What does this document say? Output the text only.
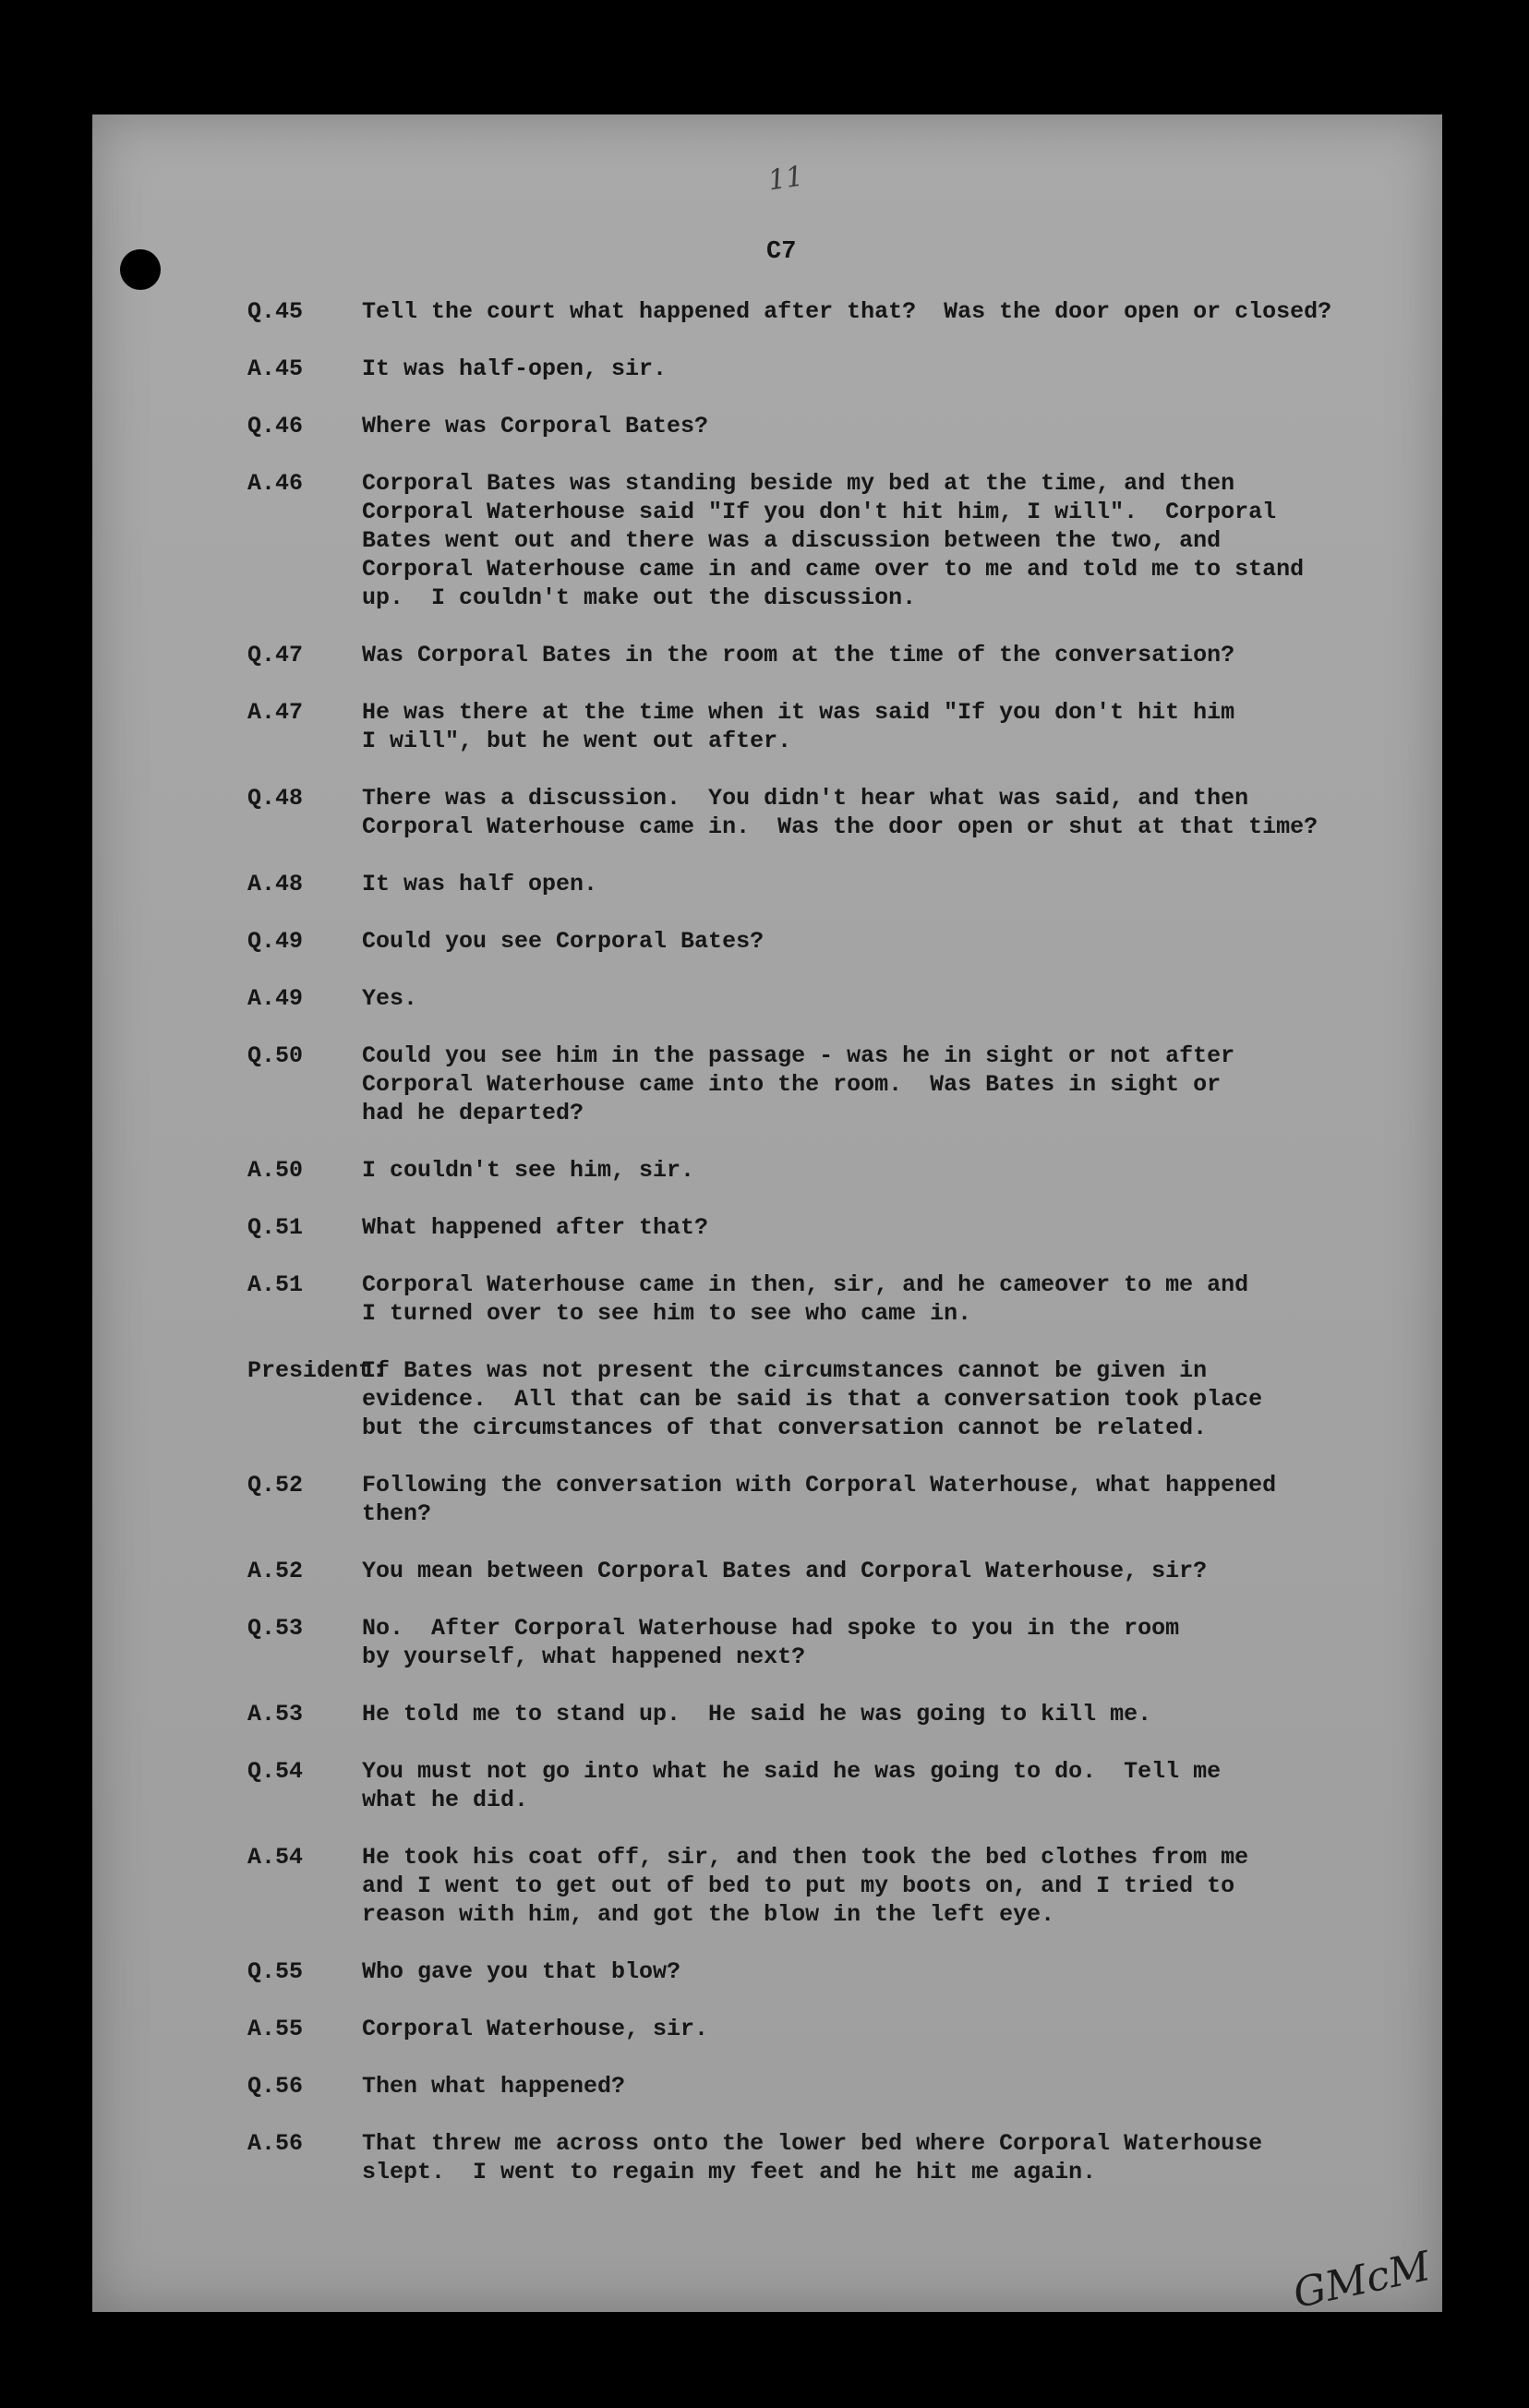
11
C7
Q.45	Tell the court what happened after that?  Was the door open or closed?
A.45	It was half-open, sir.
Q.46	Where was Corporal Bates?
A.46	Corporal Bates was standing beside my bed at the time, and then
Corporal Waterhouse said "If you don't hit him, I will".  Corporal
Bates went out and there was a discussion between the two, and
Corporal Waterhouse came in and came over to me and told me to stand
up.  I couldn't make out the discussion.
Q.47	Was Corporal Bates in the room at the time of the conversation?
A.47	He was there at the time when it was said "If you don't hit him
I will", but he went out after.
Q.48	There was a discussion.  You didn't hear what was said, and then
Corporal Waterhouse came in.  Was the door open or shut at that time?
A.48	It was half open.
Q.49	Could you see Corporal Bates?
A.49	Yes.
Q.50	Could you see him in the passage - was he in sight or not after
Corporal Waterhouse came into the room.  Was Bates in sight or
had he departed?
A.50	I couldn't see him, sir.
Q.51	What happened after that?
A.51	Corporal Waterhouse came in then, sir, and he cameover to me and
I turned over to see him to see who came in.
President:
If Bates was not present the circumstances cannot be given in
evidence.  All that can be said is that a conversation took place
but the circumstances of that conversation cannot be related.
Q.52	Following the conversation with Corporal Waterhouse, what happened
then?
A.52	You mean between Corporal Bates and Corporal Waterhouse, sir?
Q.53	No.  After Corporal Waterhouse had spoke to you in the room
by yourself, what happened next?
A.53	He told me to stand up.  He said he was going to kill me.
Q.54	You must not go into what he said he was going to do.  Tell me
what he did.
A.54	He took his coat off, sir, and then took the bed clothes from me
and I went to get out of bed to put my boots on, and I tried to
reason with him, and got the blow in the left eye.
Q.55	Who gave you that blow?
A.55	Corporal Waterhouse, sir.
Q.56	Then what happened?
A.56	That threw me across onto the lower bed where Corporal Waterhouse
slept.  I went to regain my feet and he hit me again.
GMcM
